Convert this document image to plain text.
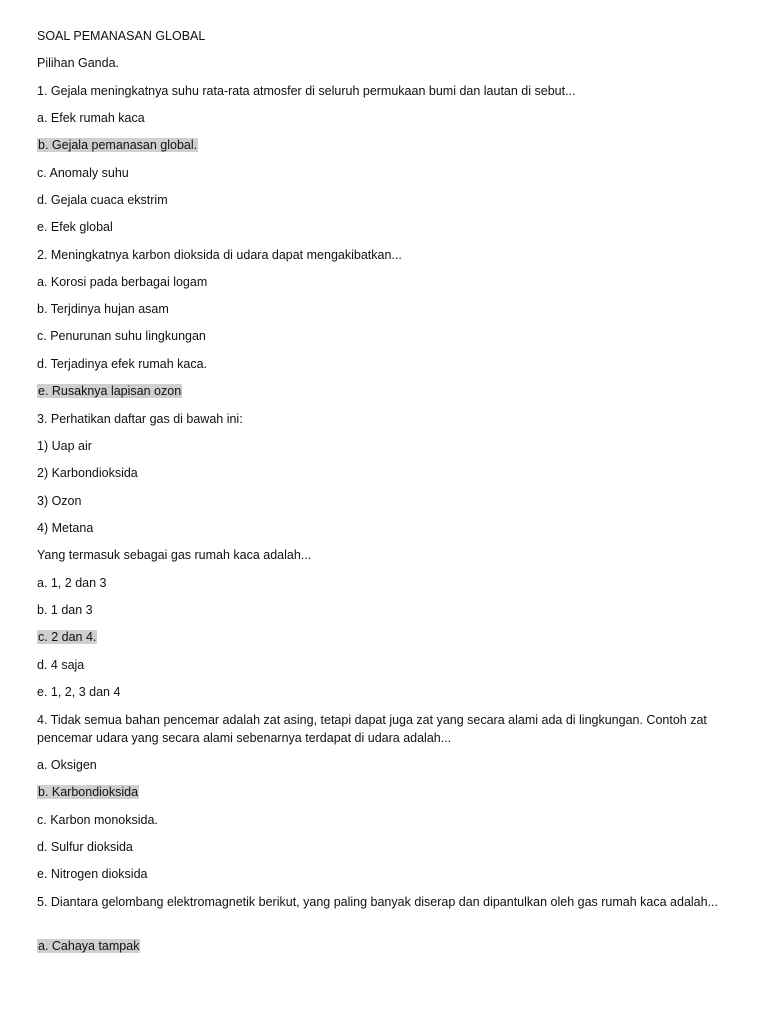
SOAL PEMANASAN GLOBAL

Pilihan Ganda.

1. Gejala meningkatnya suhu rata-rata atmosfer di seluruh permukaan bumi dan lautan di sebut...

a. Efek rumah kaca

b. Gejala pemanasan global.

c. Anomaly suhu

d. Gejala cuaca ekstrim

e. Efek global

2. Meningkatnya karbon dioksida di udara dapat mengakibatkan...

a. Korosi pada berbagai logam

b. Terjdinya hujan asam

c. Penurunan suhu lingkungan

d. Terjadinya efek rumah kaca.

e. Rusaknya lapisan ozon

3. Perhatikan daftar gas di bawah ini:

1) Uap air

2) Karbondioksida

3) Ozon

4) Metana

Yang termasuk sebagai gas rumah kaca adalah...

a. 1, 2 dan 3

b. 1 dan 3

c. 2 dan 4.

d. 4 saja

e. 1, 2, 3 dan 4

4. Tidak semua bahan pencemar adalah zat asing, tetapi dapat juga zat yang secara alami ada di lingkungan. Contoh zat pencemar udara yang secara alami sebenarnya terdapat di udara adalah...

a. Oksigen

b. Karbondioksida

c. Karbon monoksida.

d. Sulfur dioksida

e. Nitrogen dioksida

5. Diantara gelombang elektromagnetik berikut, yang paling banyak diserap dan dipantulkan oleh gas rumah kaca adalah...

a. Cahaya tampak
